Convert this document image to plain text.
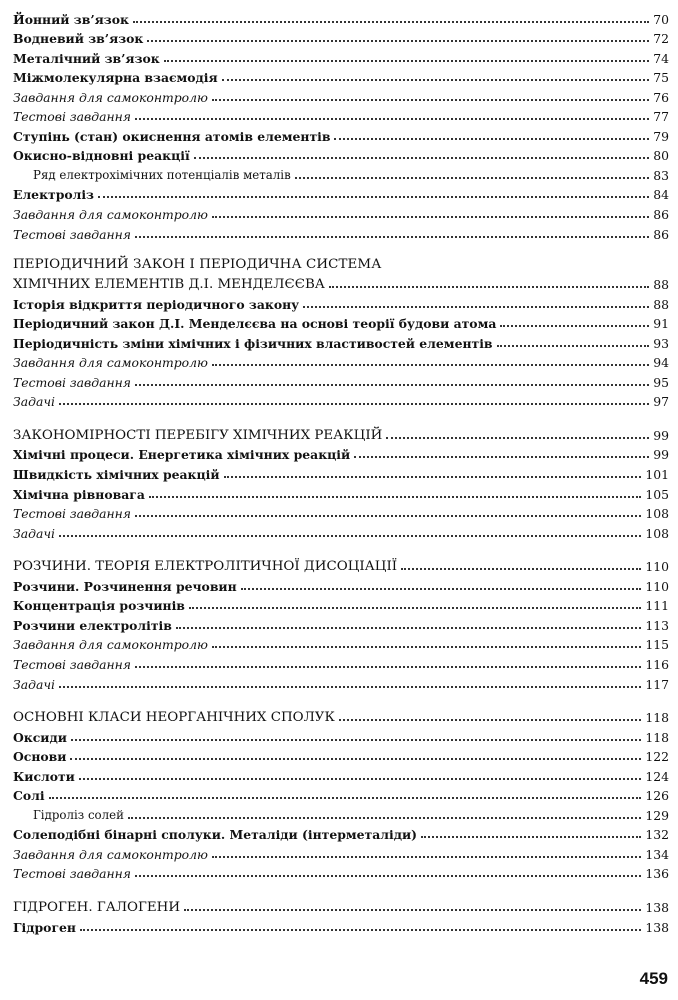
Йонний зв’язок	70
Водневий зв’язок	72
Металічний зв’язок	74
Міжмолекулярна взаємодія	75
Завдання для самоконтролю	76
Тестові завдання	77
Ступінь (стан) окиснення атомів елементів	79
Окисно-відновні реакції	80
Ряд електрохімічних потенціалів металів	83
Електроліз	84
Завдання для самоконтролю	86
Тестові завдання	86
ПЕРІОДИЧНИЙ ЗАКОН І ПЕРІОДИЧНА СИСТЕМА
ХІМІЧНИХ ЕЛЕМЕНТІВ Д.І. МЕНДЕЛЄЄВА	88
Історія відкриття періодичного закону	88
Періодичний закон Д.І. Менделєєва на основі теорії будови атома	91
Періодичність зміни хімічних і фізичних властивостей елементів	93
Завдання для самоконтролю	94
Тестові завдання	95
Задачі	97
ЗАКОНОМІРНОСТІ ПЕРЕБІГУ ХІМІЧНИХ РЕАКЦІЙ	99
Хімічні процеси. Енергетика хімічних реакцій	99
Швидкість хімічних реакцій	101
Хімічна рівновага	105
Тестові завдання	108
Задачі	108
РОЗЧИНИ. ТЕОРІЯ ЕЛЕКТРОЛІТИЧНОЇ ДИСОЦІАЦІЇ	110
Розчини. Розчинення речовин	110
Концентрація розчинів	111
Розчини електролітів	113
Завдання для самоконтролю	115
Тестові завдання	116
Задачі	117
ОСНОВНІ КЛАСИ НЕОРГАНІЧНИХ СПОЛУК	118
Оксиди	118
Основи	122
Кислоти	124
Солі	126
Гідроліз солей	129
Солеподібні бінарні сполуки. Металіди (інтерметаліди)	132
Завдання для самоконтролю	134
Тестові завдання	136
ГІДРОГЕН. ГАЛОГЕНИ	138
Гідроген	138
459
